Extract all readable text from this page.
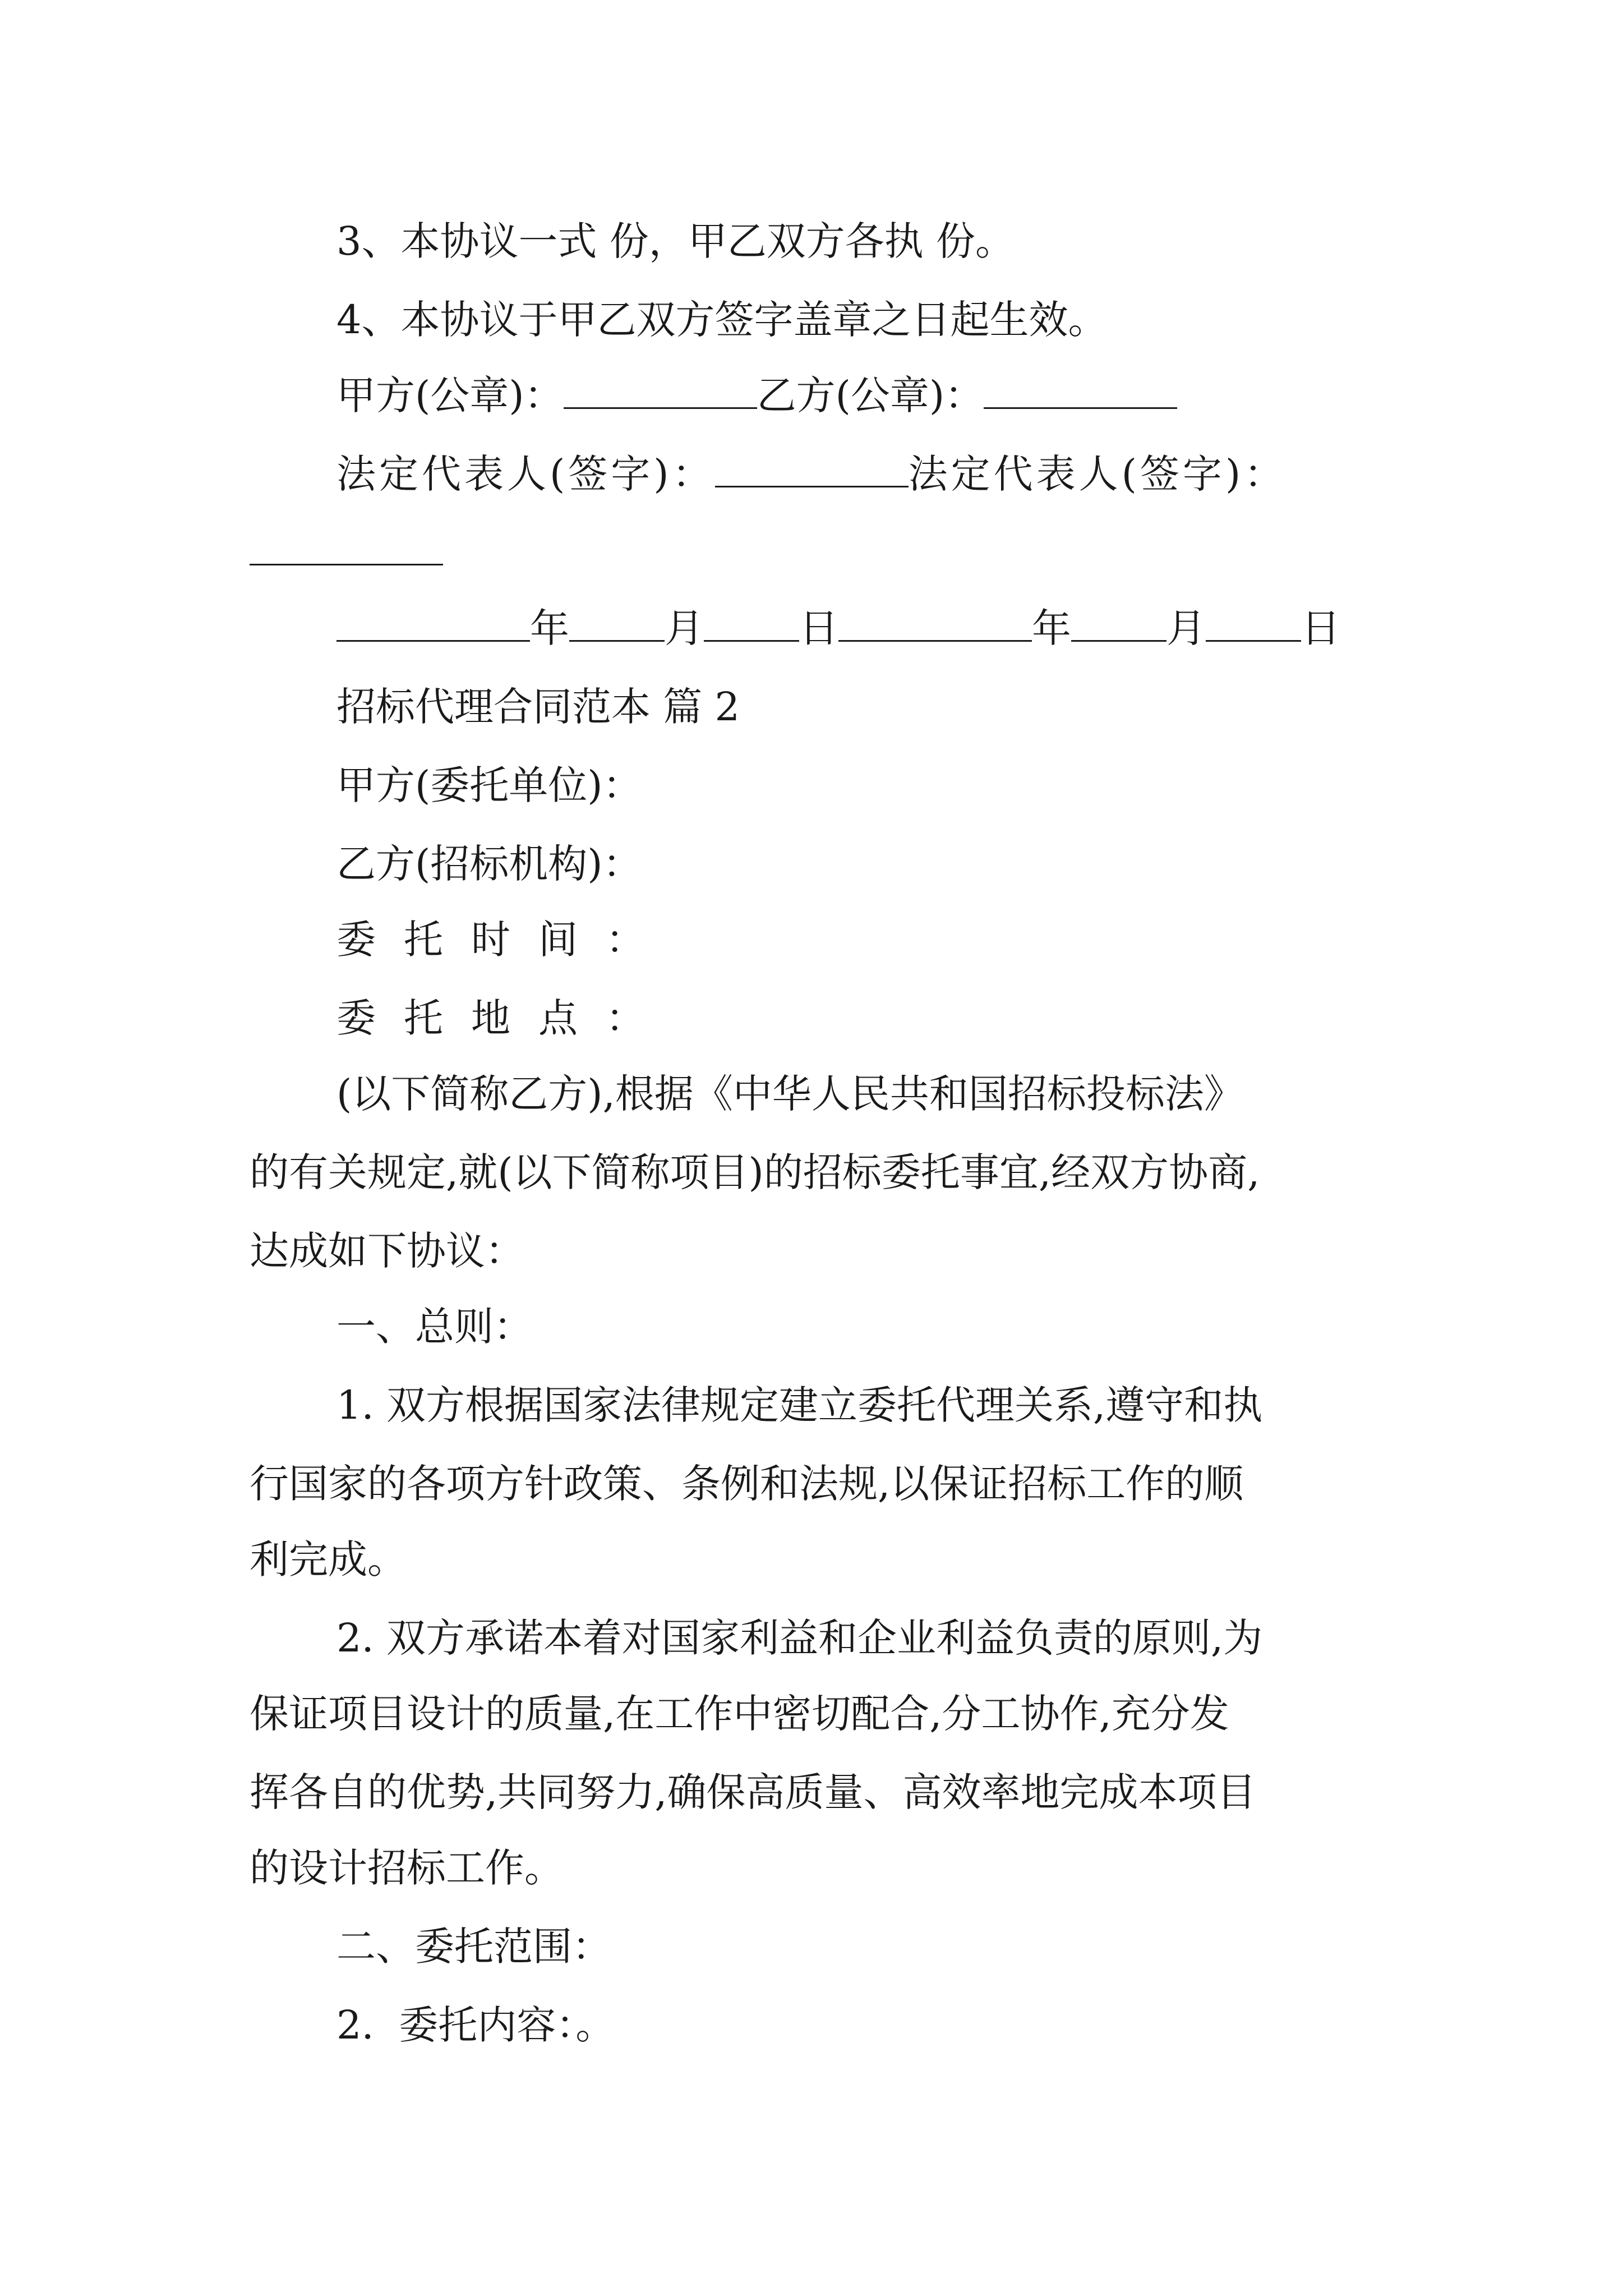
3、本协议一式 份，甲乙双方各执 份。
4、本协议于甲乙双方签字盖章之日起生效。
甲方(公章)：	乙方(公章)：
法定代表人(签字)：	法定代表人(签字)：
年 月 日	年 月 日
招标代理合同范本 篇 2
甲方(委托单位)：
乙方(招标机构)：
委托时间：
委托地点：
(以下简称乙方),根据《中华人民共和国招标投标法》
的有关规定,就(以下简称项目)的招标委托事宜,经双方协商,
达成如下协议：
一、总则：
1. 双方根据国家法律规定建立委托代理关系,遵守和执
行国家的各项方针政策、条例和法规,以保证招标工作的顺
利完成。
2. 双方承诺本着对国家利益和企业利益负责的原则,为
保证项目设计的质量,在工作中密切配合,分工协作,充分发
挥各自的优势,共同努力,确保高质量、高效率地完成本项目
的设计招标工作。
二、委托范围：
2.  委托内容：。
